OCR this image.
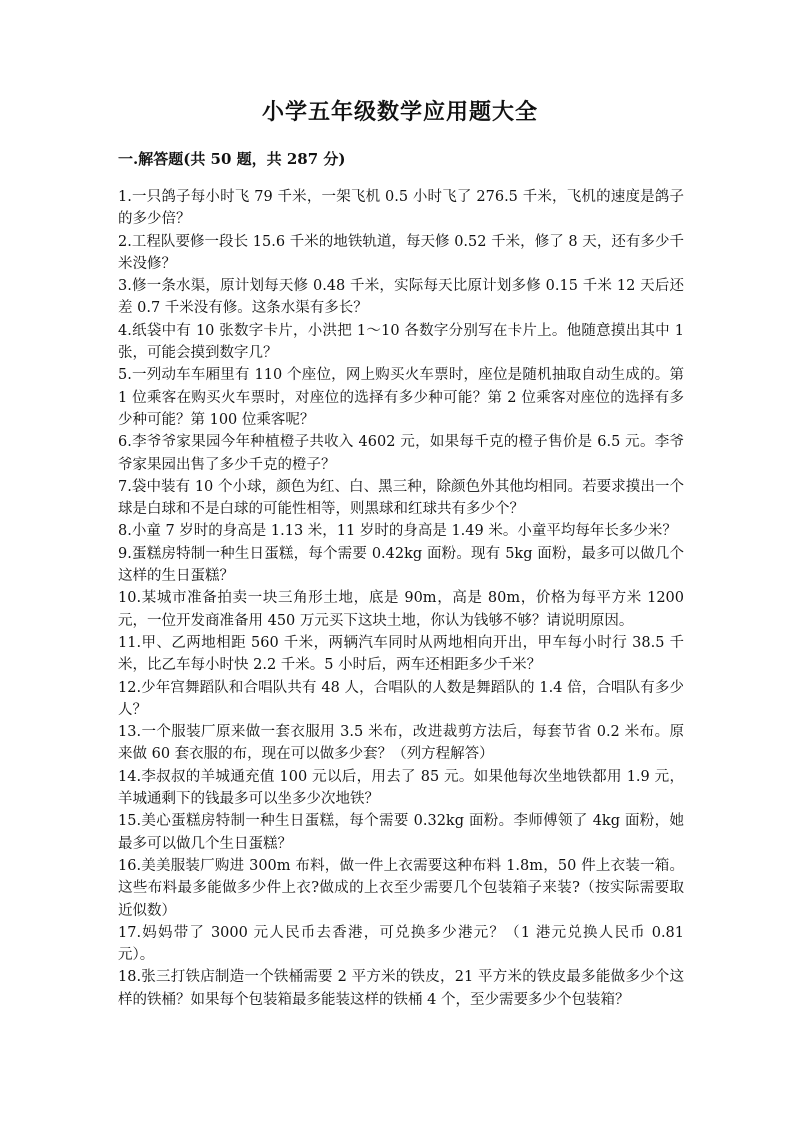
小学五年级数学应用题大全
一.解答题(共 50 题，共 287 分)
1.一只鸽子每小时飞 79 千米，一架飞机 0.5 小时飞了 276.5 千米，飞机的速度是鸽子的多少倍？
2.工程队要修一段长 15.6 千米的地铁轨道，每天修 0.52 千米，修了 8 天，还有多少千米没修？
3.修一条水渠，原计划每天修 0.48 千米，实际每天比原计划多修 0.15 千米 12 天后还差 0.7 千米没有修。这条水渠有多长？
4.纸袋中有 10 张数字卡片，小洪把 1～10 各数字分别写在卡片上。他随意摸出其中 1 张，可能会摸到数字几？
5.一列动车车厢里有 110 个座位，网上购买火车票时，座位是随机抽取自动生成的。第 1 位乘客在购买火车票时，对座位的选择有多少种可能？第 2 位乘客对座位的选择有多少种可能？第 100 位乘客呢？
6.李爷爷家果园今年种植橙子共收入 4602 元，如果每千克的橙子售价是 6.5 元。李爷爷家果园出售了多少千克的橙子？
7.袋中装有 10 个小球，颜色为红、白、黑三种，除颜色外其他均相同。若要求摸出一个球是白球和不是白球的可能性相等，则黑球和红球共有多少个？
8.小童 7 岁时的身高是 1.13 米，11 岁时的身高是 1.49 米。小童平均每年长多少米？
9.蛋糕房特制一种生日蛋糕，每个需要 0.42kg 面粉。现有 5kg 面粉，最多可以做几个这样的生日蛋糕？
10.某城市准备拍卖一块三角形土地，底是 90m，高是 80m，价格为每平方米 1200 元，一位开发商准备用 450 万元买下这块土地，你认为钱够不够？请说明原因。
11.甲、乙两地相距 560 千米，两辆汽车同时从两地相向开出，甲车每小时行 38.5 千米，比乙车每小时快 2.2 千米。5 小时后，两车还相距多少千米？
12.少年宫舞蹈队和合唱队共有 48 人，合唱队的人数是舞蹈队的 1.4 倍，合唱队有多少人？
13.一个服装厂原来做一套衣服用 3.5 米布，改进裁剪方法后，每套节省 0.2 米布。原来做 60 套衣服的布，现在可以做多少套？（列方程解答）
14.李叔叔的羊城通充值 100 元以后，用去了 85 元。如果他每次坐地铁都用 1.9 元，羊城通剩下的钱最多可以坐多少次地铁？
15.美心蛋糕房特制一种生日蛋糕，每个需要 0.32kg 面粉。李师傅领了 4kg 面粉，她最多可以做几个生日蛋糕？
16.美美服装厂购进 300m 布料，做一件上衣需要这种布料 1.8m，50 件上衣装一箱。这些布料最多能做多少件上衣?做成的上衣至少需要几个包装箱子来装?（按实际需要取近似数）
17.妈妈带了 3000 元人民币去香港，可兑换多少港元？（1 港元兑换人民币 0.81 元）。
18.张三打铁店制造一个铁桶需要 2 平方米的铁皮，21 平方米的铁皮最多能做多少个这样的铁桶？如果每个包装箱最多能装这样的铁桶 4 个，至少需要多少个包装箱？
